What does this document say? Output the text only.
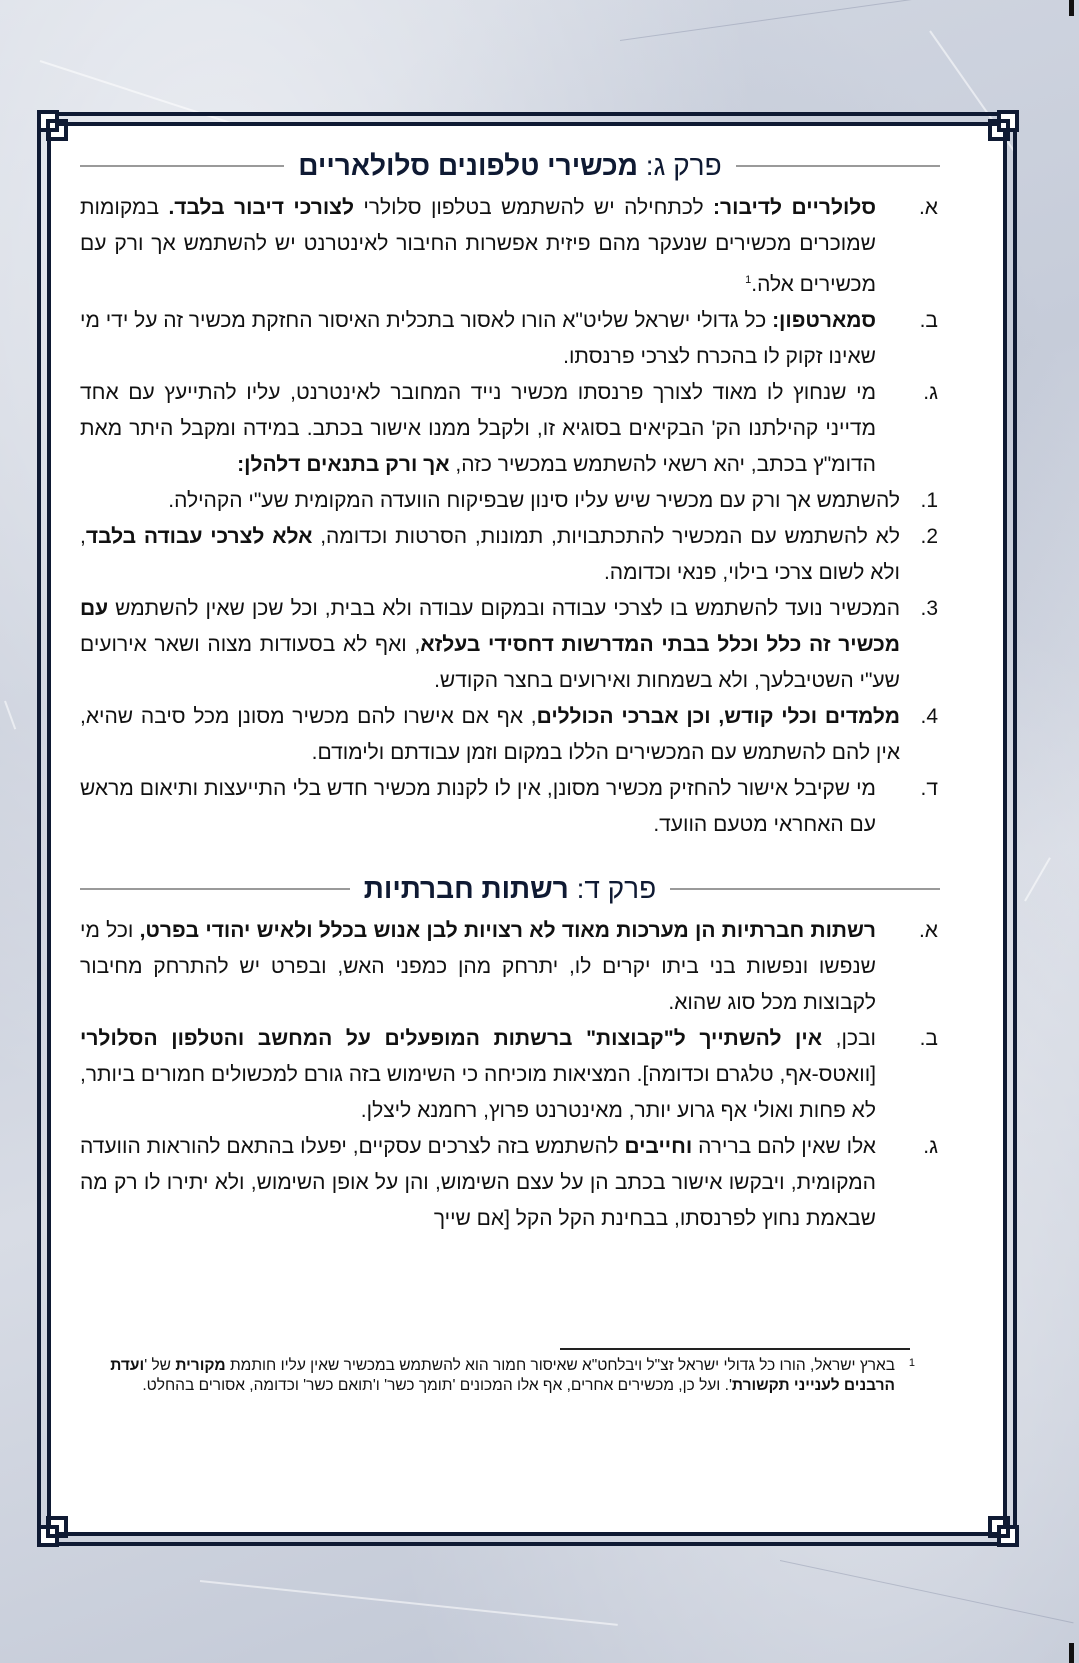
פרק ג: מכשירי טלפונים סלולאריים
א.
סלולריים לדיבור: לכתחילה יש להשתמש בטלפון סלולרי לצורכי דיבור בלבד. במקומות שמוכרים מכשירים שנעקר מהם פיזית אפשרות החיבור לאינטרנט יש להשתמש אך ורק עם מכשירים אלה.$^1$
ב.
סמארטפון: כל גדולי ישראל שליט"א הורו לאסור בתכלית האיסור החזקת מכשיר זה על ידי מי שאינו זקוק לו בהכרח לצרכי פרנסתו.
ג.
מי שנחוץ לו מאוד לצורך פרנסתו מכשיר נייד המחובר לאינטרנט, עליו להתייעץ עם אחד מדייני קהילתנו הק' הבקיאים בסוגיא זו, ולקבל ממנו אישור בכתב. במידה ומקבל היתר מאת הדומ"ץ בכתב, יהא רשאי להשתמש במכשיר כזה, אך ורק בתנאים דלהלן:
1.
להשתמש אך ורק עם מכשיר שיש עליו סינון שבפיקוח הוועדה המקומית שע"י הקהילה.
2.
לא להשתמש עם המכשיר להתכתבויות, תמונות, הסרטות וכדומה, אלא לצרכי עבודה בלבד, ולא לשום צרכי בילוי, פנאי וכדומה.
3.
המכשיר נועד להשתמש בו לצרכי עבודה ובמקום עבודה ולא בבית, וכל שכן שאין להשתמש עם מכשיר זה כלל וכלל בבתי המדרשות דחסידי בעלזא, ואף לא בסעודות מצוה ושאר אירועים שע"י השטיבלעך, ולא בשמחות ואירועים בחצר הקודש.
4.
מלמדים וכלי קודש, וכן אברכי הכוללים, אף אם אישרו להם מכשיר מסונן מכל סיבה שהיא, אין להם להשתמש עם המכשירים הללו במקום וזמן עבודתם ולימודם.
ד.
מי שקיבל אישור להחזיק מכשיר מסונן, אין לו לקנות מכשיר חדש בלי התייעצות ותיאום מראש עם האחראי מטעם הוועד.
פרק ד: רשתות חברתיות
א.
רשתות חברתיות הן מערכות מאוד לא רצויות לבן אנוש בכלל ולאיש יהודי בפרט, וכל מי שנפשו ונפשות בני ביתו יקרים לו, יתרחק מהן כמפני האש, ובפרט יש להתרחק מחיבור לקבוצות מכל סוג שהוא.
ב.
ובכן, אין להשתייך ל"קבוצות" ברשתות המופעלים על המחשב והטלפון הסלולרי [וואטס-אף, טלגרם וכדומה]. המציאות מוכיחה כי השימוש בזה גורם למכשולים חמורים ביותר, לא פחות ואולי אף גרוע יותר, מאינטרנט פרוץ, רחמנא ליצלן.
ג.
אלו שאין להם ברירה וחייבים להשתמש בזה לצרכים עסקיים, יפעלו בהתאם להוראות הוועדה המקומית, ויבקשו אישור בכתב הן על עצם השימוש, והן על אופן השימוש, ולא יתירו לו רק מה שבאמת נחוץ לפרנסתו, בבחינת הקל הקל [אם שייך
1
בארץ ישראל, הורו כל גדולי ישראל זצ"ל ויבלחט"א שאיסור חמור הוא להשתמש במכשיר שאין עליו חותמת מקורית של 'ועדת הרבנים לענייני תקשורת'. ועל כן, מכשירים אחרים, אף אלו המכונים 'תומך כשר' ו'תואם כשר' וכדומה, אסורים בהחלט.
